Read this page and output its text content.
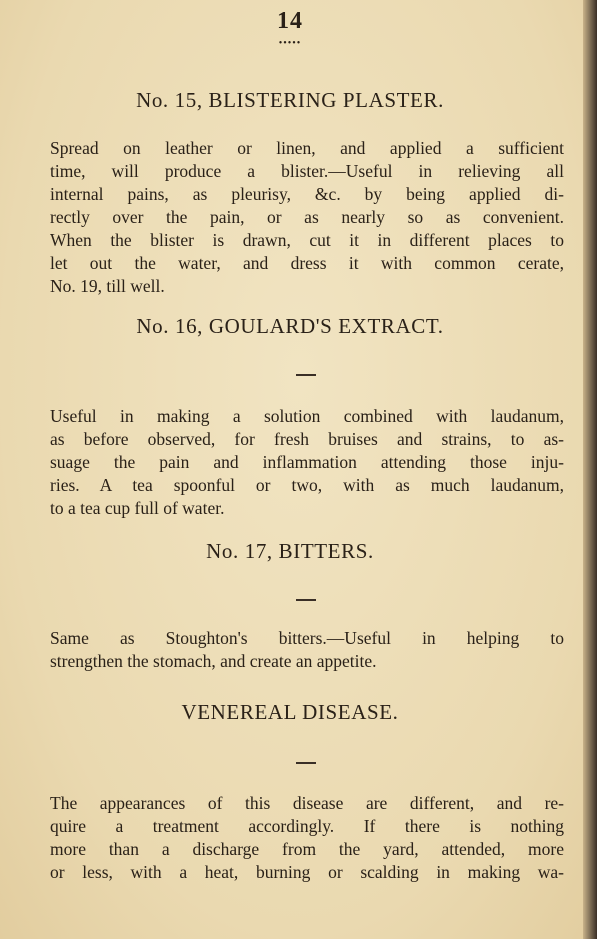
14
•••••
No. 15, BLISTERING PLASTER.
Spread on leather or linen, and applied a sufficient
time, will produce a blister.—Useful in relieving all
internal pains, as pleurisy, &c. by being applied di-
rectly over the pain, or as nearly so as convenient.
When the blister is drawn, cut it in different places to
let out the water, and dress it with common cerate,
No. 19, till well.
No. 16, GOULARD'S EXTRACT.
Useful in making a solution combined with laudanum,
as before observed, for fresh bruises and strains, to as-
suage the pain and inflammation attending those inju-
ries. A tea spoonful or two, with as much laudanum,
to a tea cup full of water.
No. 17, BITTERS.
Same as Stoughton's bitters.—Useful in helping to
strengthen the stomach, and create an appetite.
VENEREAL DISEASE.
The appearances of this disease are different, and re-
quire a treatment accordingly. If there is nothing
more than a discharge from the yard, attended, more
or less, with a heat, burning or scalding in making wa-
